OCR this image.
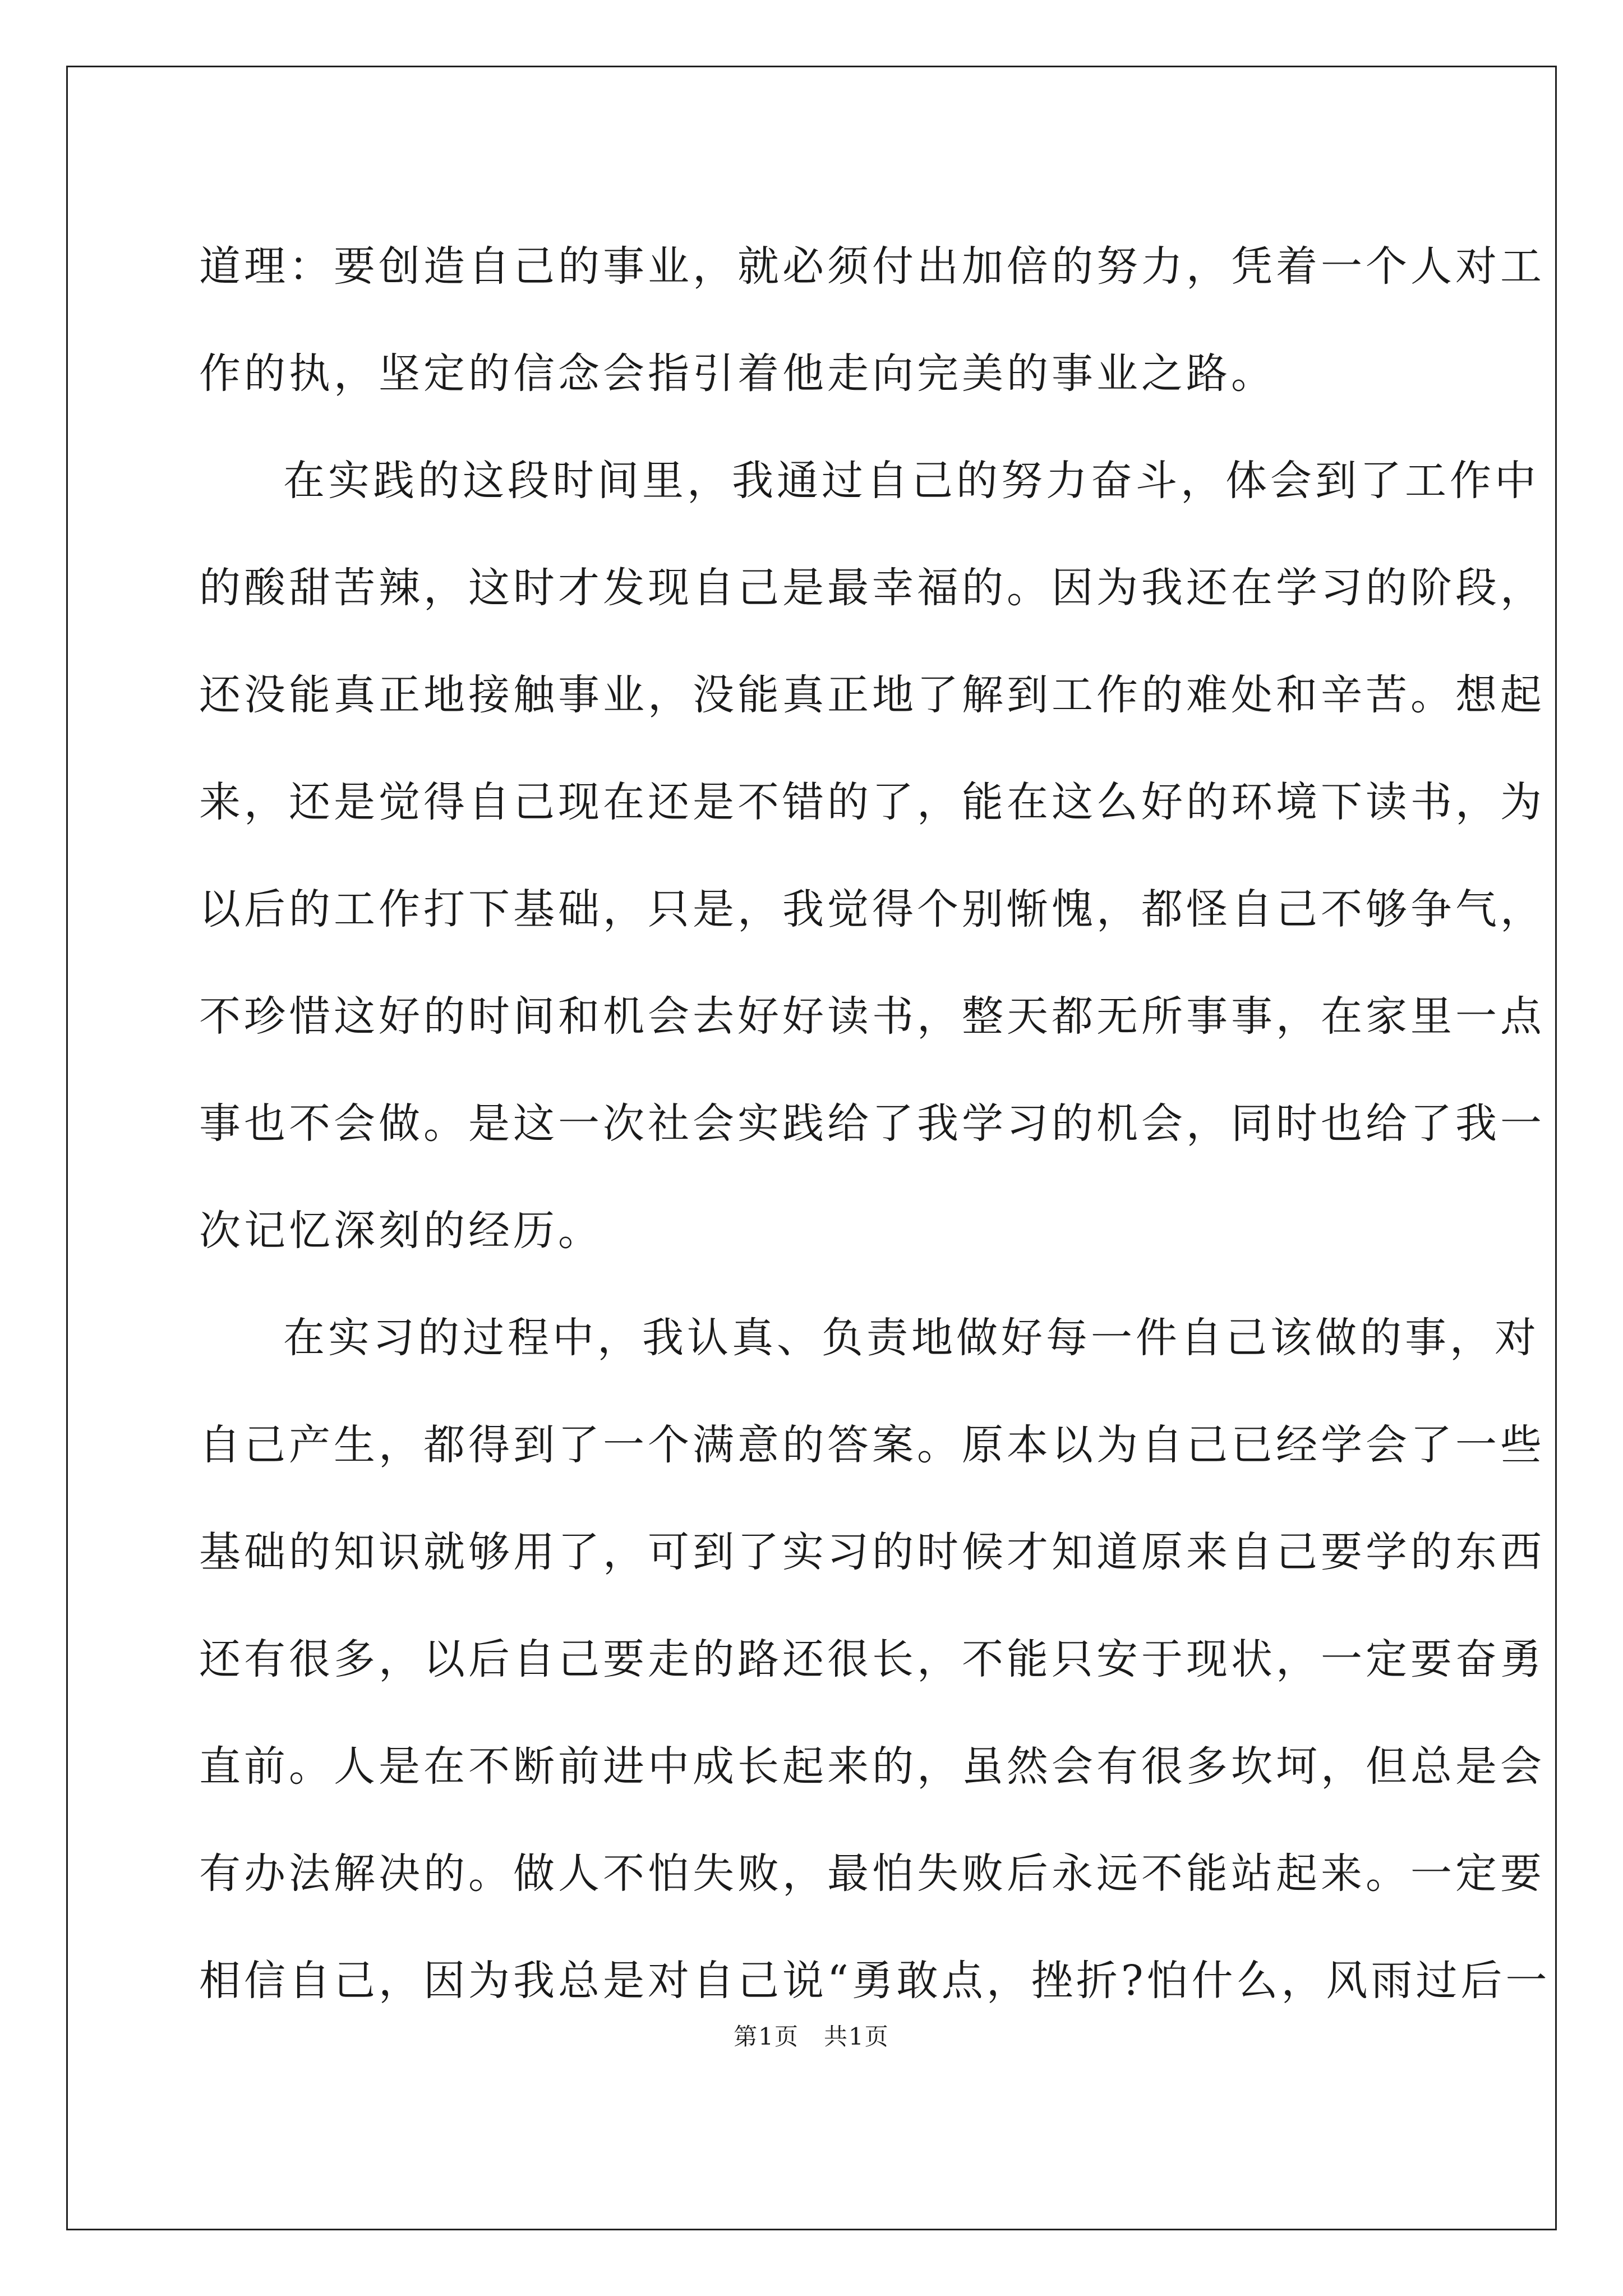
道理：要创造自己的事业，就必须付出加倍的努力，凭着一个人对工
作的执，坚定的信念会指引着他走向完美的事业之路。
在实践的这段时间里，我通过自己的努力奋斗，体会到了工作中
的酸甜苦辣，这时才发现自己是最幸福的。因为我还在学习的阶段，
还没能真正地接触事业，没能真正地了解到工作的难处和辛苦。想起
来，还是觉得自己现在还是不错的了，能在这么好的环境下读书，为
以后的工作打下基础，只是，我觉得个别惭愧，都怪自己不够争气，
不珍惜这好的时间和机会去好好读书，整天都无所事事，在家里一点
事也不会做。是这一次社会实践给了我学习的机会，同时也给了我一
次记忆深刻的经历。
在实习的过程中，我认真、负责地做好每一件自己该做的事，对
自己产生，都得到了一个满意的答案。原本以为自己已经学会了一些
基础的知识就够用了，可到了实习的时候才知道原来自己要学的东西
还有很多，以后自己要走的路还很长，不能只安于现状，一定要奋勇
直前。人是在不断前进中成长起来的，虽然会有很多坎坷，但总是会
有办法解决的。做人不怕失败，最怕失败后永远不能站起来。一定要
相信自己，因为我总是对自己说“勇敢点，挫折?怕什么，风雨过后一
第1页　共1页
